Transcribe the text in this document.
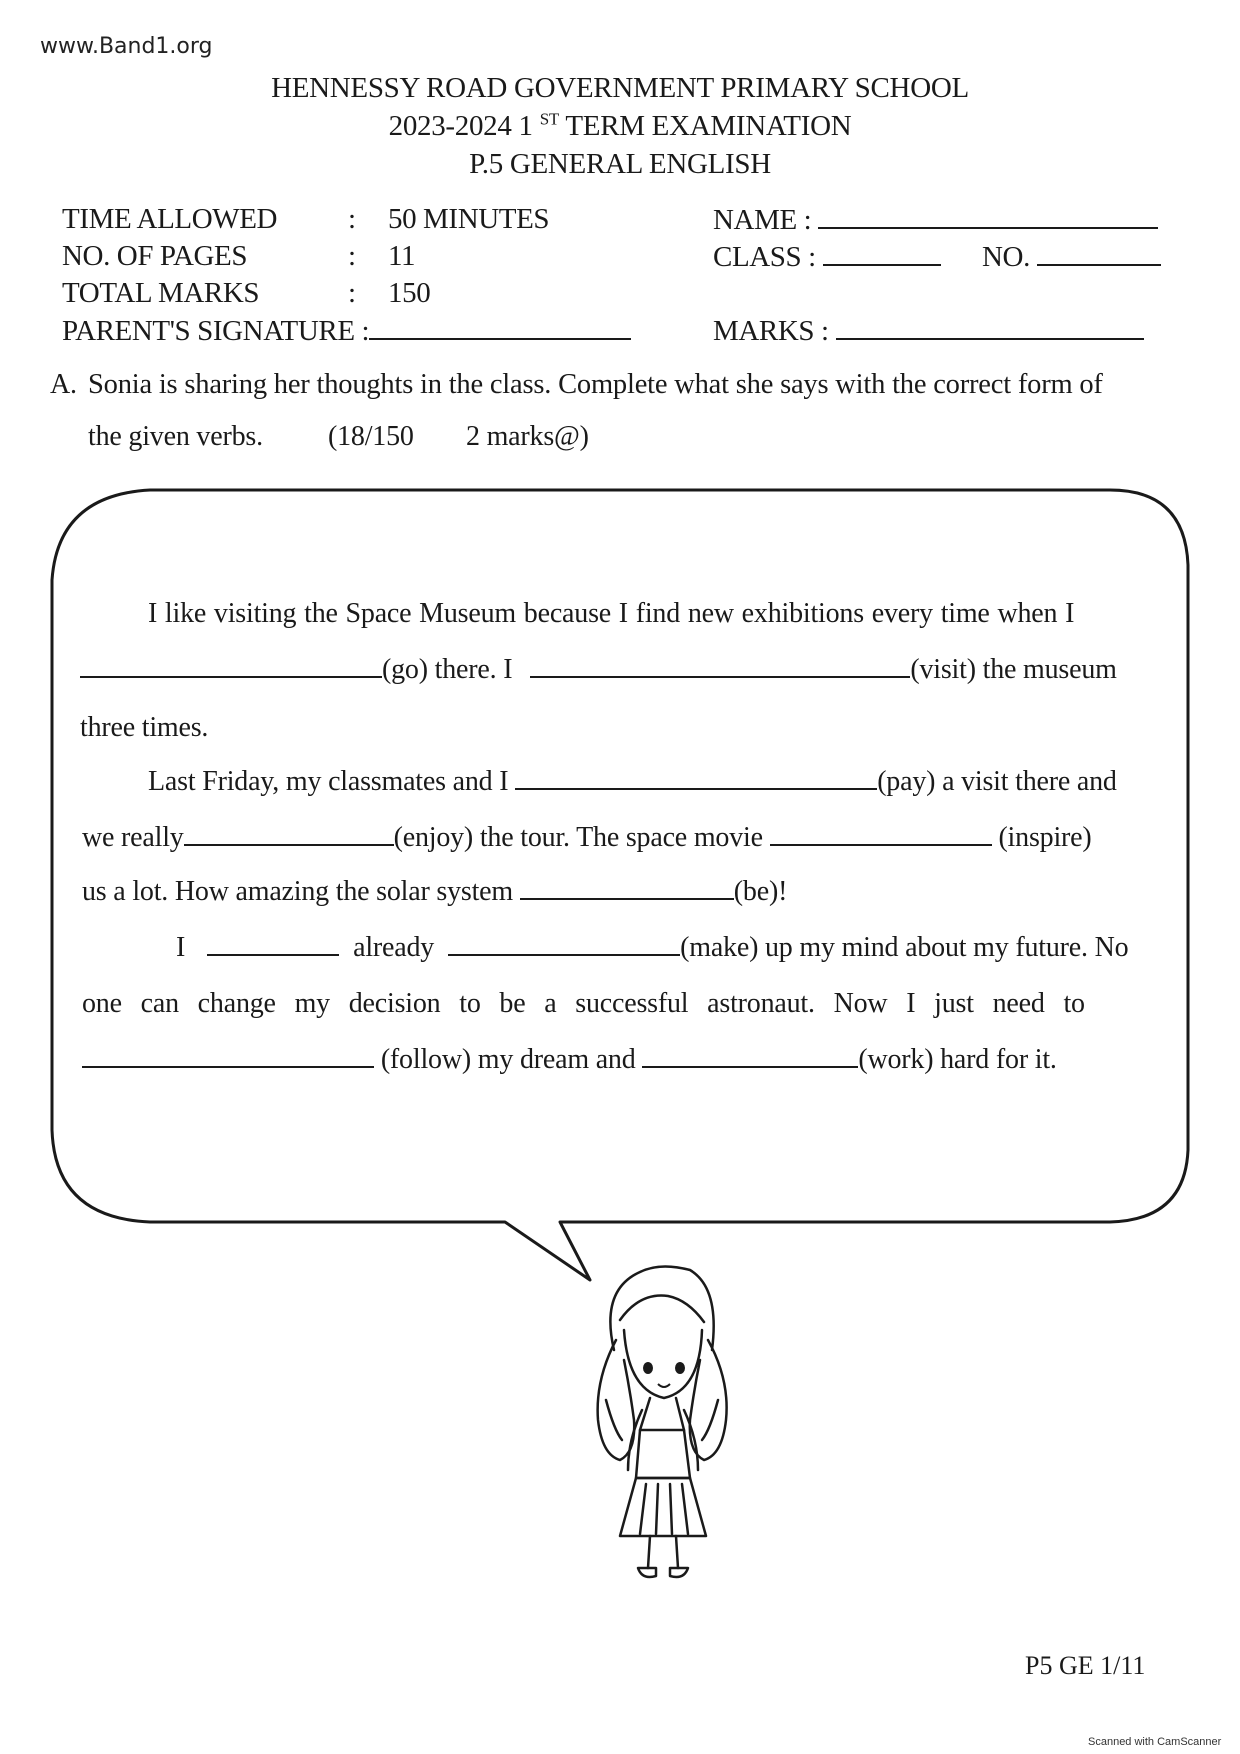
www.Band1.org
HENNESSY ROAD GOVERNMENT PRIMARY SCHOOL
2023-2024 1 $^{ST}$ TERM EXAMINATION
P.5 GENERAL ENGLISH
TIME ALLOWED : 50 MINUTES
NO. OF PAGES	: 11
TOTAL MARKS	: 150
PARENT'S SIGNATURE :
NAME :
CLASS :	NO.
MARKS :
A. Sonia is sharing her thoughts in the class. Complete what she says with the correct form of
the given verbs. (18/150 2 marks@)
I like visiting the Space Museum because I find new exhibitions every time when I
(go) there. I	(visit) the museum
three times.
Last Friday, my classmates and I	(pay) a visit there and
we really	(enjoy) the tour. The space movie	(inspire)
us a lot. How amazing the solar system	(be)!
I	already	(make) up my mind about my future. No
one can change my decision to be a successful astronaut. Now I just need to
(follow) my dream and	(work) hard for it.
P5 GE 1/11
Scanned with CamScanner
